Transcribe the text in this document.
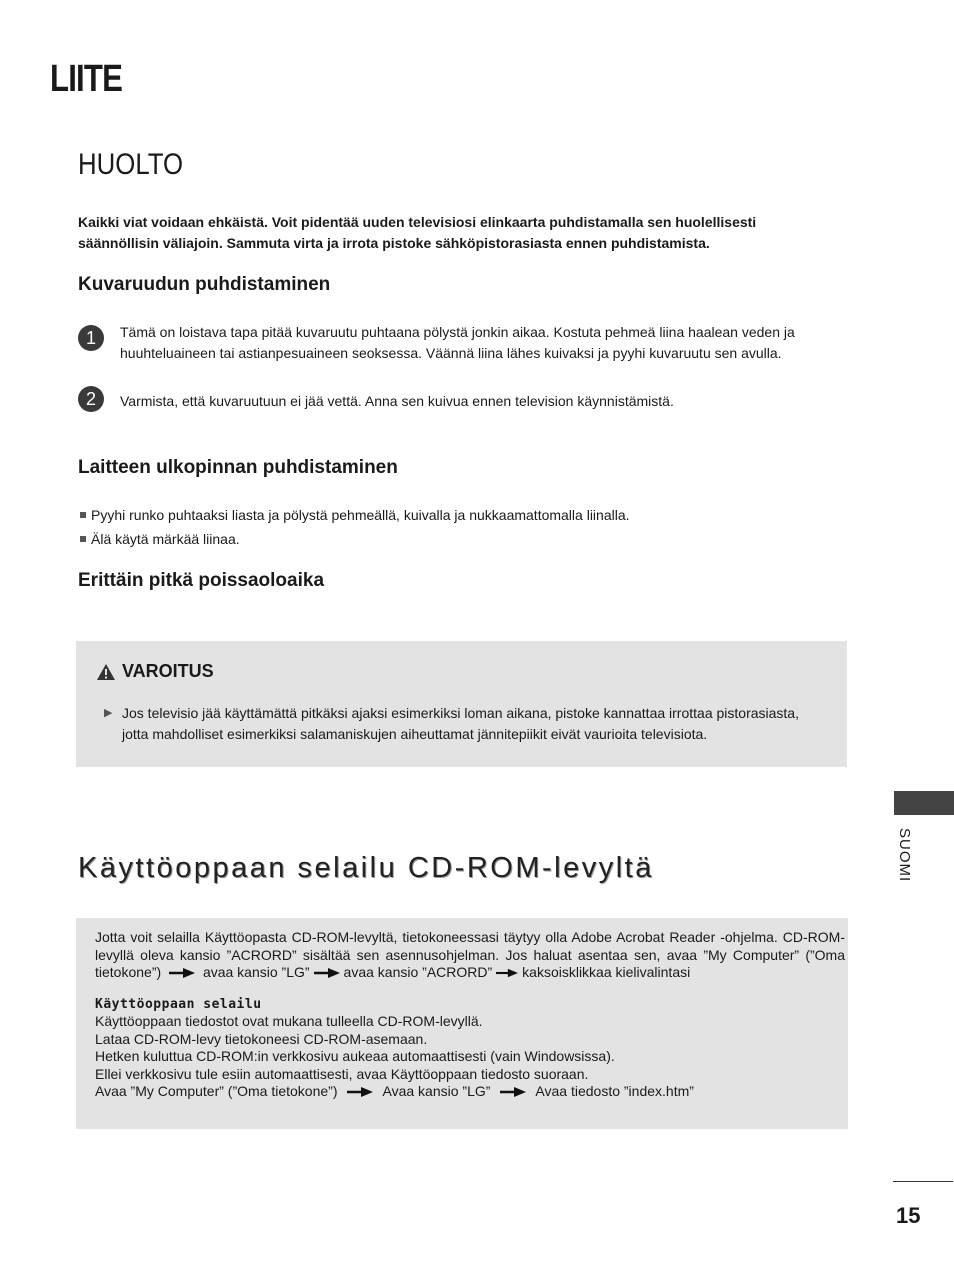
LIITE
HUOLTO
Kaikki viat voidaan ehkäistä. Voit pidentää uuden televisiosi elinkaarta puhdistamalla sen huolellisesti säännöllisin väliajoin. Sammuta virta ja irrota pistoke sähköpistorasiasta ennen puhdistamista.
Kuvaruudun puhdistaminen
1	Tämä on loistava tapa pitää kuvaruutu puhtaana pölystä jonkin aikaa. Kostuta pehmeä liina haalean veden ja huuhteluaineen tai astianpesuaineen seoksessa. Väännä liina lähes kuivaksi ja pyyhi kuvaruutu sen avulla.
2	Varmista, että kuvaruutuun ei jää vettä. Anna sen kuivua ennen television käynnistämistä.
Laitteen ulkopinnan puhdistaminen
Pyyhi runko puhtaaksi liasta ja pölystä pehmeällä, kuivalla ja nukkaamattomalla liinalla.
Älä käytä märkää liinaa.
Erittäin pitkä poissaoloaika
VAROITUS
▶ Jos televisio jää käyttämättä pitkäksi ajaksi esimerkiksi loman aikana, pistoke kannattaa irrottaa pistorasiasta, jotta mahdolliset esimerkiksi salamaniskujen aiheuttamat jännitepiikit eivät vaurioita televisiota.

Käyttöoppaan selailu CD-ROM-levyltä

Jotta voit selailla Käyttöopasta CD-ROM-levyltä, tietokoneessasi täytyy olla Adobe Acrobat Reader -ohjelma. CD-ROM-levyllä oleva kansio ”ACRORD” sisältää sen asennusohjelman. Jos haluat asentaa sen, avaa ”My Computer” (”Oma tietokone”)	avaa kansio ”LG” avaa kansio ”ACRORD” kaksoisklikkaa kielivalintasi

Käyttöoppaan selailu

Käyttöoppaan tiedostot ovat mukana tulleella CD-ROM-levyllä.

Lataa CD-ROM-levy tietokoneesi CD-ROM-asemaan.

Hetken kuluttua CD-ROM:in verkkosivu aukeaa automaattisesti (vain Windowsissa).

Ellei verkkosivu tule esiin automaattisesti, avaa Käyttöoppaan tiedosto suoraan.

Avaa ”My Computer” (”Oma tietokone”)	Avaa kansio ”LG”	Avaa tiedosto ”index.htm”

SUOMI
15
